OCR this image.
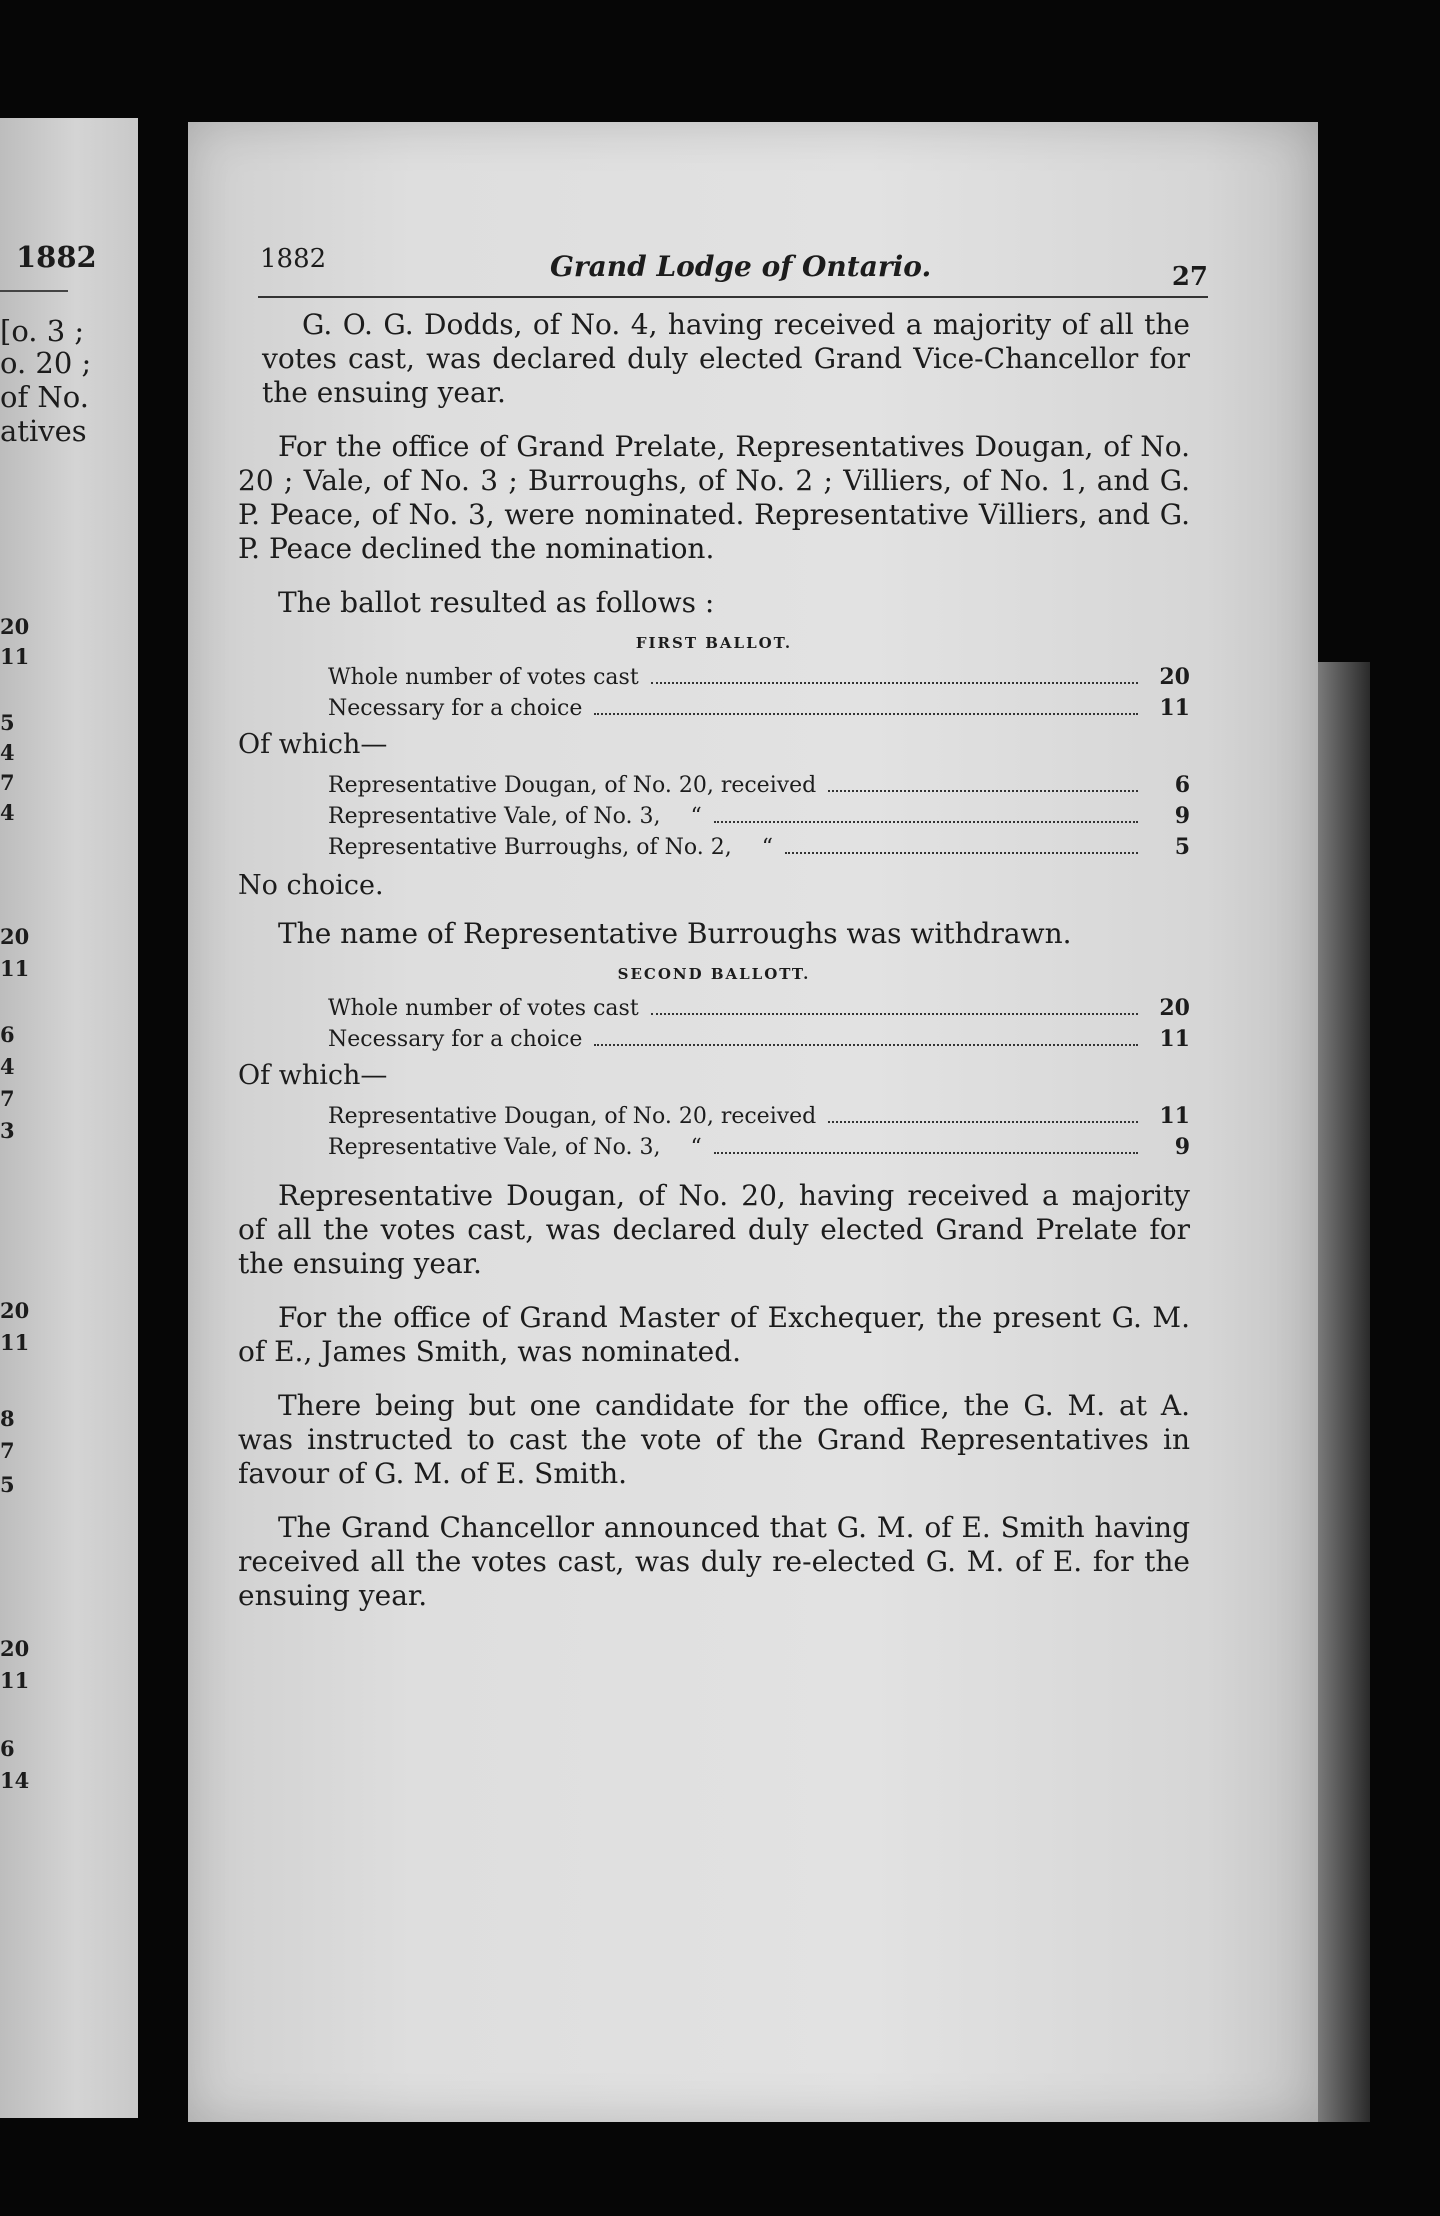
1882
[o. 3 ;
o. 20 ;
of No.
atives
20
11
5
4
7
4
20
11
6
4
7
3
20
11
8
7
5
20
11
6
14
1882	Grand Lodge of Ontario.	27

G. O. G. Dodds, of No. 4, having received a majority of all the votes cast, was declared duly elected Grand Vice-Chancellor for the ensuing year.

For the office of Grand Prelate, Representatives Dougan, of No. 20 ; Vale, of No. 3 ; Burroughs, of No. 2 ; Villiers, of No. 1, and G. P. Peace, of No. 3, were nominated. Representative Villiers, and G. P. Peace declined the nomination.

The ballot resulted as follows :

FIRST BALLOT.
Whole number of votes cast	20
Necessary for a choice	11
Of which—
Representative Dougan, of No. 20, received	6
Representative Vale, of No. 3, “	9
Representative Burroughs, of No. 2, “	5
No choice.

The name of Representative Burroughs was withdrawn.

SECOND BALLOTT.
Whole number of votes cast	20
Necessary for a choice	11
Of which—
Representative Dougan, of No. 20, received	11
Representative Vale, of No. 3, “	9

Representative Dougan, of No. 20, having received a majority of all the votes cast, was declared duly elected Grand Prelate for the ensuing year.

For the office of Grand Master of Exchequer, the present G. M. of E., James Smith, was nominated.

There being but one candidate for the office, the G. M. at A. was instructed to cast the vote of the Grand Representatives in favour of G. M. of E. Smith.

The Grand Chancellor announced that G. M. of E. Smith having received all the votes cast, was duly re-elected G. M. of E. for the ensuing year.
